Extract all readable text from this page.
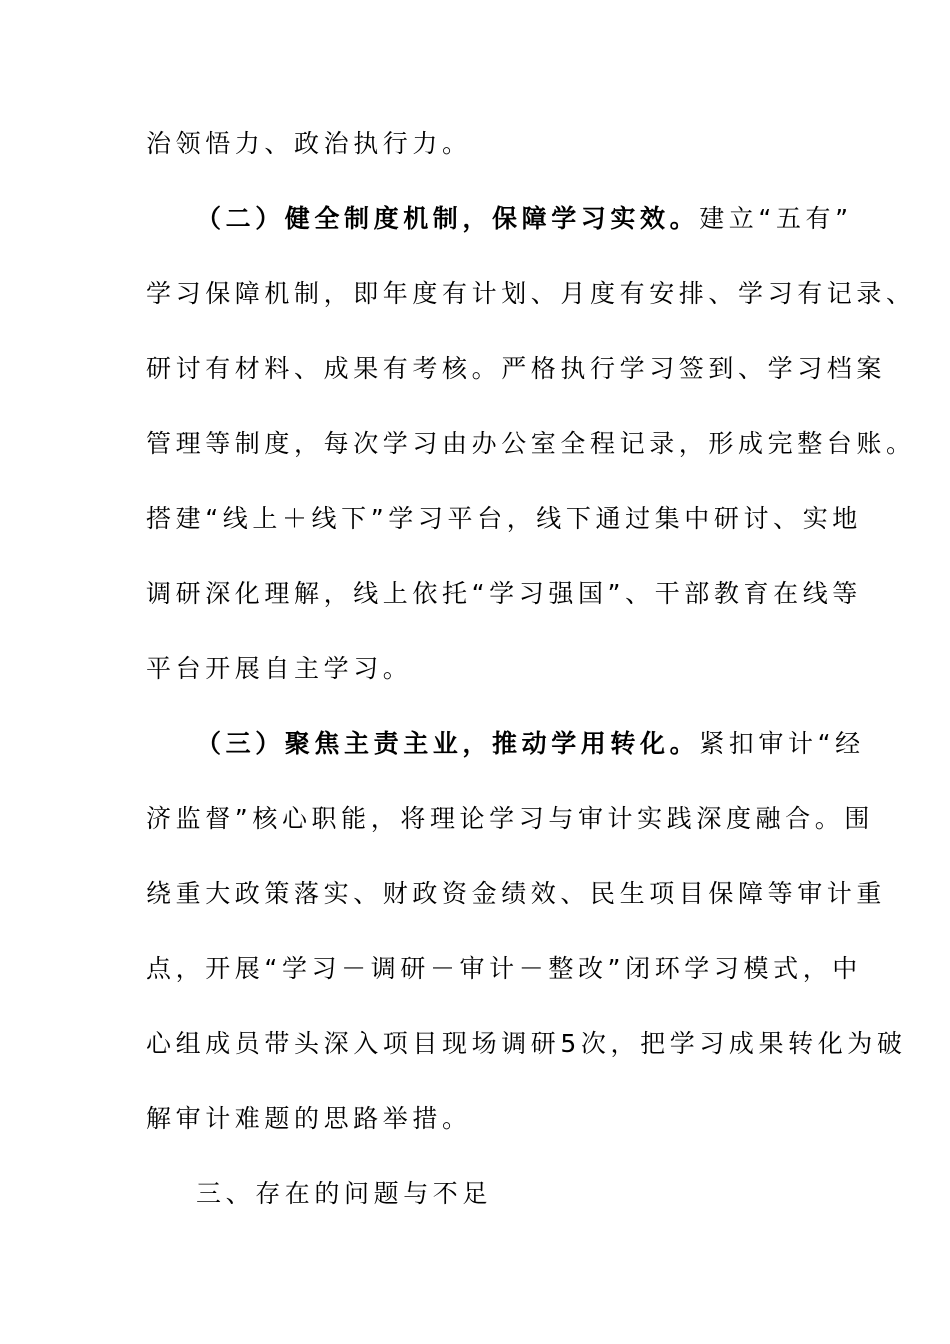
治领悟力、政治执行力。
（二）健全制度机制，保障学习实效。建立“五有”
学习保障机制，即年度有计划、月度有安排、学习有记录、
研讨有材料、成果有考核。严格执行学习签到、学习档案
管理等制度，每次学习由办公室全程记录，形成完整台账。
搭建“线上＋线下”学习平台，线下通过集中研讨、实地
调研深化理解，线上依托“学习强国”、干部教育在线等
平台开展自主学习。
（三）聚焦主责主业，推动学用转化。紧扣审计“经
济监督”核心职能，将理论学习与审计实践深度融合。围
绕重大政策落实、财政资金绩效、民生项目保障等审计重
点，开展“学习－调研－审计－整改”闭环学习模式，中
心组成员带头深入项目现场调研5次，把学习成果转化为破
解审计难题的思路举措。
三、存在的问题与不足
